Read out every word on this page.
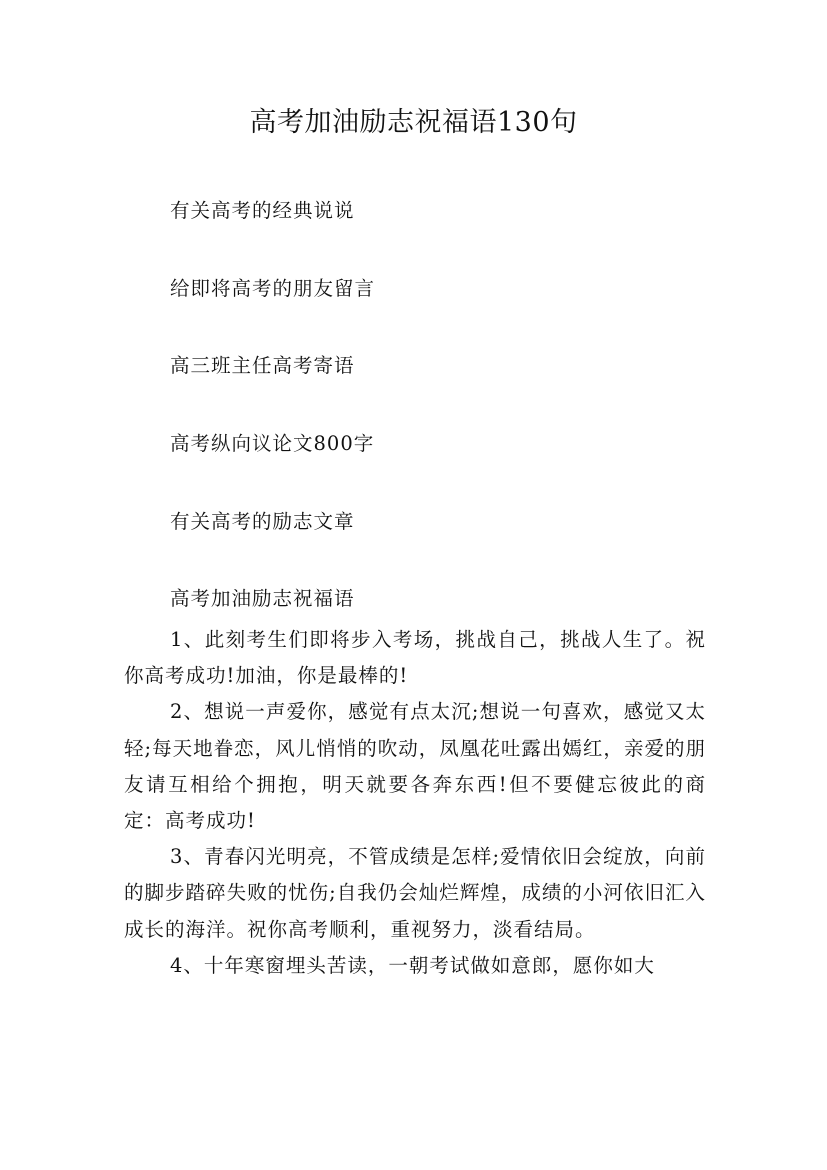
高考加油励志祝福语130句
有关高考的经典说说
给即将高考的朋友留言
高三班主任高考寄语
高考纵向议论文800字
有关高考的励志文章
高考加油励志祝福语

1、此刻考生们即将步入考场，挑战自己，挑战人生了。祝你高考成功!加油，你是最棒的!

2、想说一声爱你，感觉有点太沉;想说一句喜欢，感觉又太轻;每天地眷恋，风儿悄悄的吹动，凤凰花吐露出嫣红，亲爱的朋友请互相给个拥抱，明天就要各奔东西!但不要健忘彼此的商定：高考成功!

3、青春闪光明亮，不管成绩是怎样;爱情依旧会绽放，向前的脚步踏碎失败的忧伤;自我仍会灿烂辉煌，成绩的小河依旧汇入成长的海洋。祝你高考顺利，重视努力，淡看结局。

4、十年寒窗埋头苦读，一朝考试做如意郎，愿你如大
